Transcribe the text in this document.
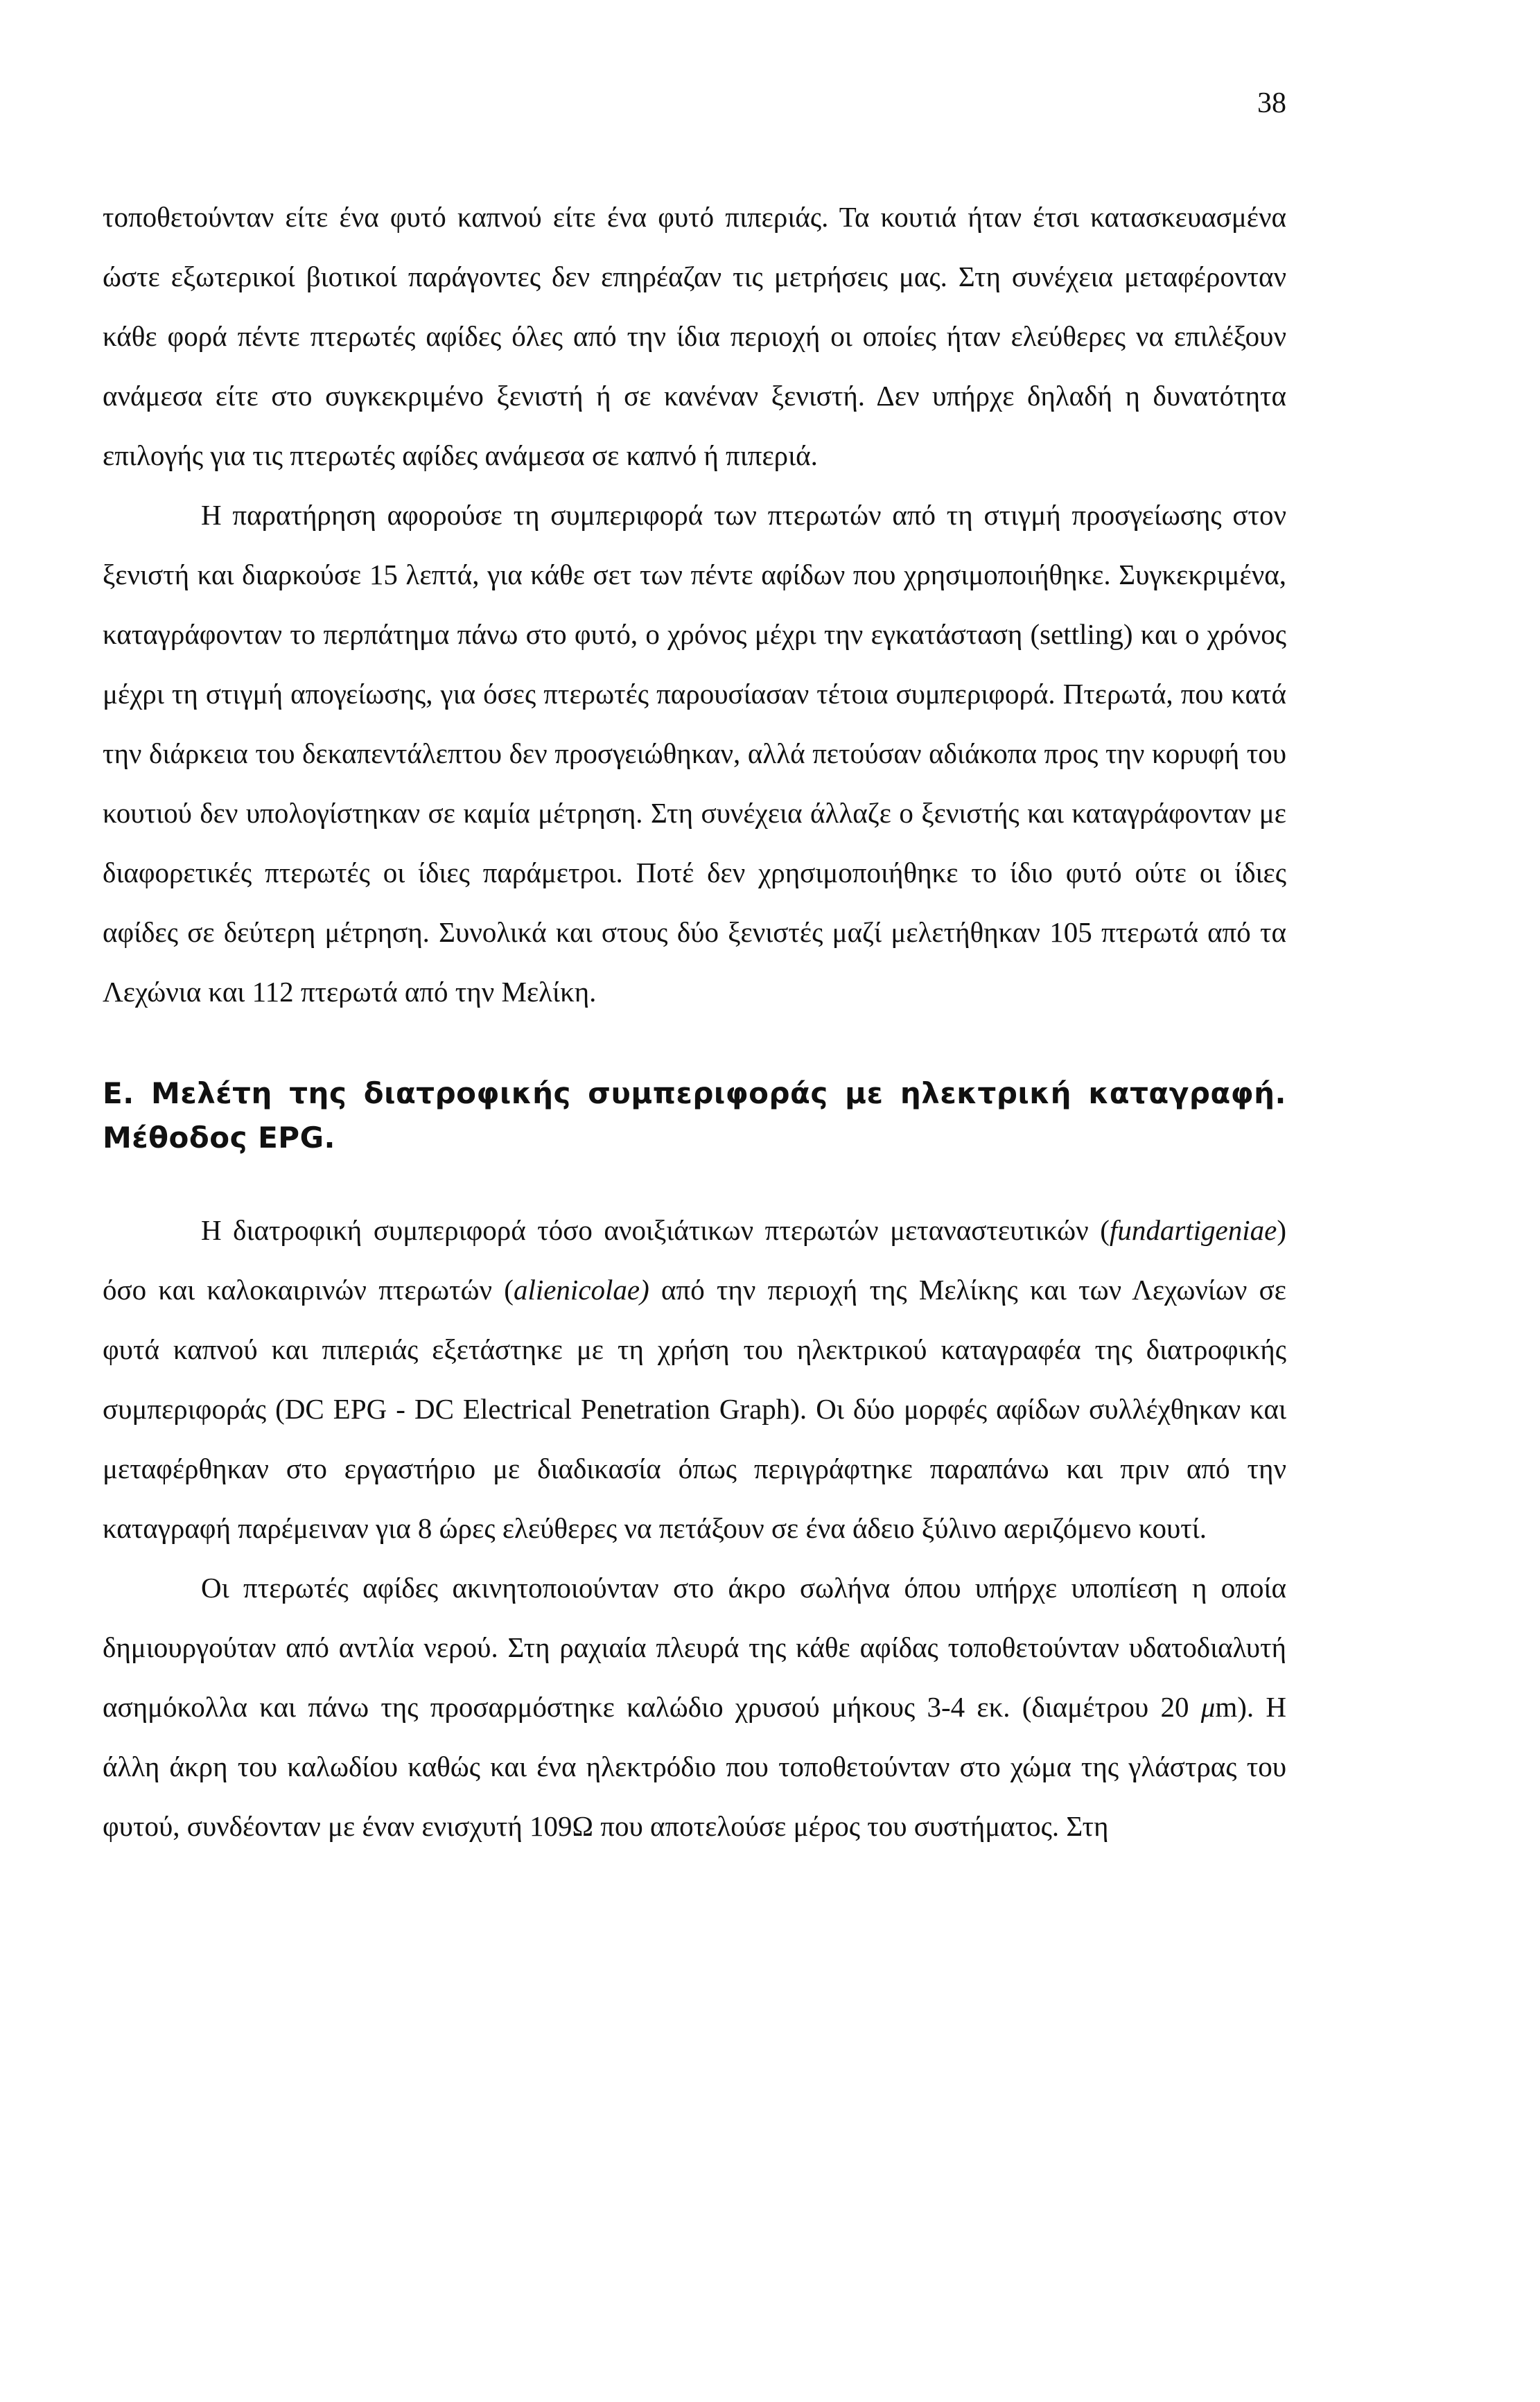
38

τοποθετούνταν είτε ένα φυτό καπνού είτε ένα φυτό πιπεριάς. Τα κουτιά ήταν έτσι κατασκευασμένα ώστε εξωτερικοί βιοτικοί παράγοντες δεν επηρέαζαν τις μετρήσεις μας. Στη συνέχεια μεταφέρονταν κάθε φορά πέντε πτερωτές αφίδες όλες από την ίδια περιοχή οι οποίες ήταν ελεύθερες να επιλέξουν ανάμεσα είτε στο συγκεκριμένο ξενιστή ή σε κανέναν ξενιστή. Δεν υπήρχε δηλαδή η δυνατότητα επιλογής για τις πτερωτές αφίδες ανάμεσα σε καπνό ή πιπεριά.

Η παρατήρηση αφορούσε τη συμπεριφορά των πτερωτών από τη στιγμή προσγείωσης στον ξενιστή και διαρκούσε 15 λεπτά, για κάθε σετ των πέντε αφίδων που χρησιμοποιήθηκε. Συγκεκριμένα, καταγράφονταν το περπάτημα πάνω στο φυτό, ο χρόνος μέχρι την εγκατάσταση (settling) και ο χρόνος μέχρι τη στιγμή απογείωσης, για όσες πτερωτές παρουσίασαν τέτοια συμπεριφορά. Πτερωτά, που κατά την διάρκεια του δεκαπεντάλεπτου δεν προσγειώθηκαν, αλλά πετούσαν αδιάκοπα προς την κορυφή του κουτιού δεν υπολογίστηκαν σε καμία μέτρηση. Στη συνέχεια άλλαζε ο ξενιστής και καταγράφονταν με διαφορετικές πτερωτές οι ίδιες παράμετροι. Ποτέ δεν χρησιμοποιήθηκε το ίδιο φυτό ούτε οι ίδιες αφίδες σε δεύτερη μέτρηση. Συνολικά και στους δύο ξενιστές μαζί μελετήθηκαν 105 πτερωτά από τα Λεχώνια και 112 πτερωτά από την Μελίκη.

Ε. Μελέτη της διατροφικής συμπεριφοράς με ηλεκτρική καταγραφή. Μέθοδος EPG.

Η διατροφική συμπεριφορά τόσο ανοιξιάτικων πτερωτών μεταναστευτικών (fundartigeniae) όσο και καλοκαιρινών πτερωτών (alienicolae) από την περιοχή της Μελίκης και των Λεχωνίων σε φυτά καπνού και πιπεριάς εξετάστηκε με τη χρήση του ηλεκτρικού καταγραφέα της διατροφικής συμπεριφοράς (DC EPG - DC Electrical Penetration Graph). Οι δύο μορφές αφίδων συλλέχθηκαν και μεταφέρθηκαν στο εργαστήριο με διαδικασία όπως περιγράφτηκε παραπάνω και πριν από την καταγραφή παρέμειναν για 8 ώρες ελεύθερες να πετάξουν σε ένα άδειο ξύλινο αεριζόμενο κουτί.

Οι πτερωτές αφίδες ακινητοποιούνταν στο άκρο σωλήνα όπου υπήρχε υποπίεση η οποία δημιουργούταν από αντλία νερού. Στη ραχιαία πλευρά της κάθε αφίδας τοποθετούνταν υδατοδιαλυτή ασημόκολλα και πάνω της προσαρμόστηκε καλώδιο χρυσού μήκους 3-4 εκ. (διαμέτρου 20 μm). Η άλλη άκρη του καλωδίου καθώς και ένα ηλεκτρόδιο που τοποθετούνταν στο χώμα της γλάστρας του φυτού, συνδέονταν με έναν ενισχυτή 109Ω που αποτελούσε μέρος του συστήματος. Στη
